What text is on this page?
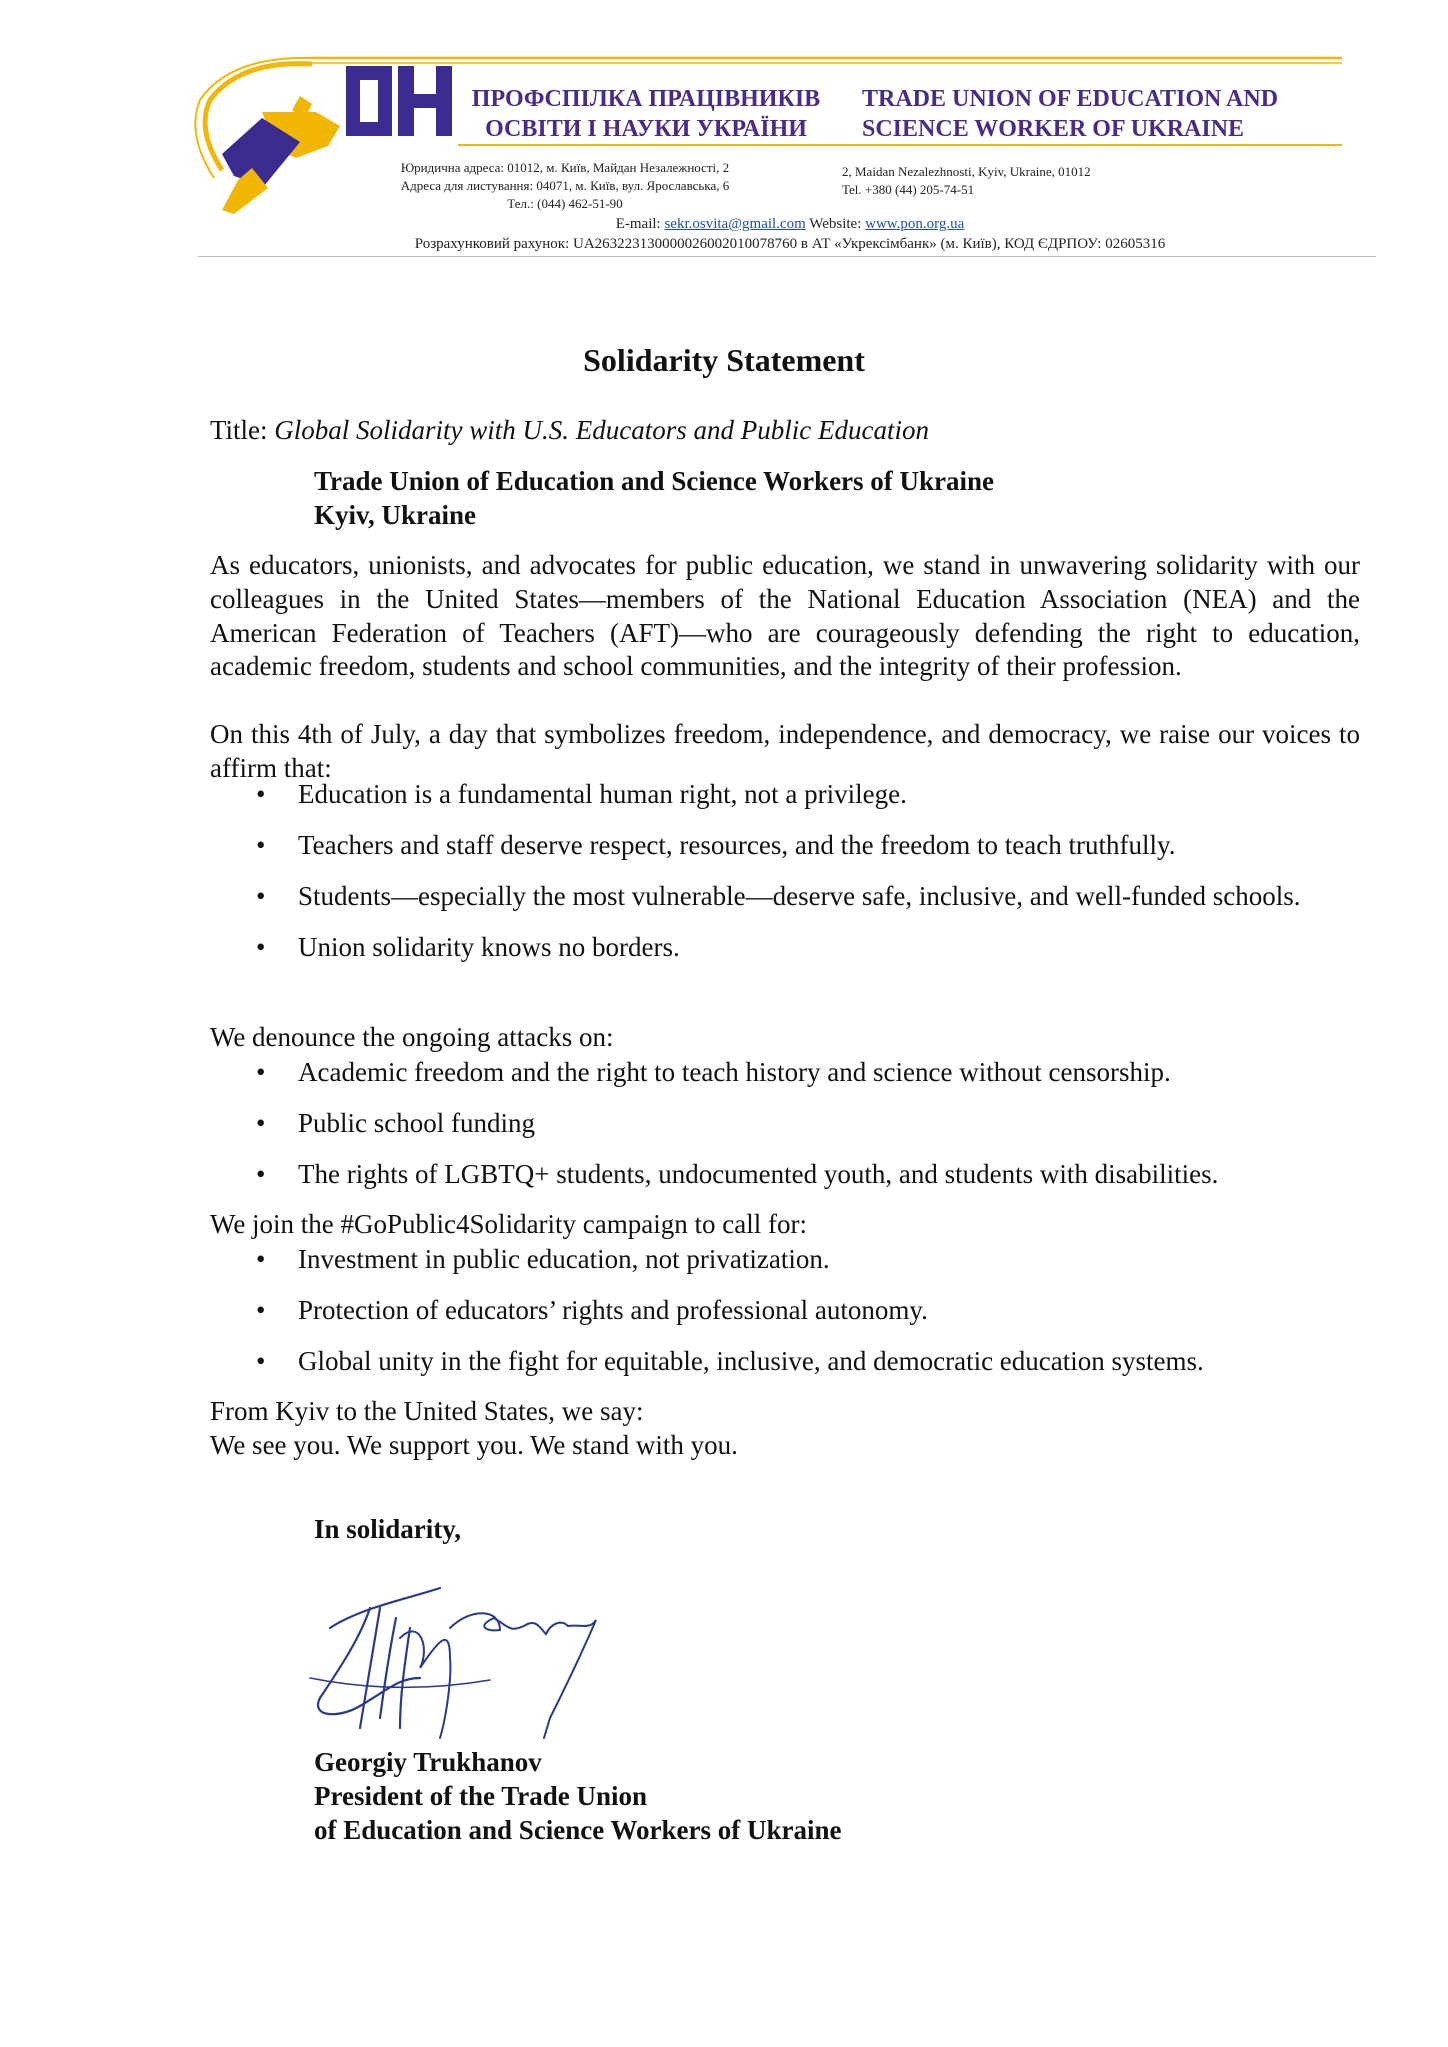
ПРОФСПІЛКА ПРАЦІВНИКІВ
ОСВІТИ І НАУКИ УКРАЇНИ
TRADE UNION OF EDUCATION AND
SCIENCE WORKER OF UKRAINE
Юридична адреса: 01012, м. Київ, Майдан Незалежності, 2
Адреса для листування: 04071, м. Київ, вул. Ярославська, 6
Тел.: (044) 462-51-90
2, Maidan Nezalezhnosti, Kyiv, Ukraine, 01012
Tel. +380 (44) 205-74-51
E-mail: sekr.osvita@gmail.com Website: www.pon.org.ua
Розрахунковий рахунок: UA263223130000026002010078760 в АТ «Укрексімбанк» (м. Київ), КОД ЄДРПОУ: 02605316
Solidarity Statement
Title: Global Solidarity with U.S. Educators and Public Education
Trade Union of Education and Science Workers of Ukraine
Kyiv, Ukraine
As educators, unionists, and advocates for public education, we stand in unwavering solidarity with our colleagues in the United States—members of the National Education Association (NEA) and the American Federation of Teachers (AFT)—who are courageously defending the right to education, academic freedom, students and school communities, and the integrity of their profession.
On this 4th of July, a day that symbolizes freedom, independence, and democracy, we raise our voices to affirm that:
• Education is a fundamental human right, not a privilege.
• Teachers and staff deserve respect, resources, and the freedom to teach truthfully.
• Students—especially the most vulnerable—deserve safe, inclusive, and well-funded schools.
• Union solidarity knows no borders.
We denounce the ongoing attacks on:
• Academic freedom and the right to teach history and science without censorship.
• Public school funding
• The rights of LGBTQ+ students, undocumented youth, and students with disabilities.
We join the #GoPublic4Solidarity campaign to call for:
• Investment in public education, not privatization.
• Protection of educators’ rights and professional autonomy.
• Global unity in the fight for equitable, inclusive, and democratic education systems.
From Kyiv to the United States, we say:
We see you. We support you. We stand with you.
In solidarity,
Georgiy Trukhanov
President of the Trade Union
of Education and Science Workers of Ukraine
